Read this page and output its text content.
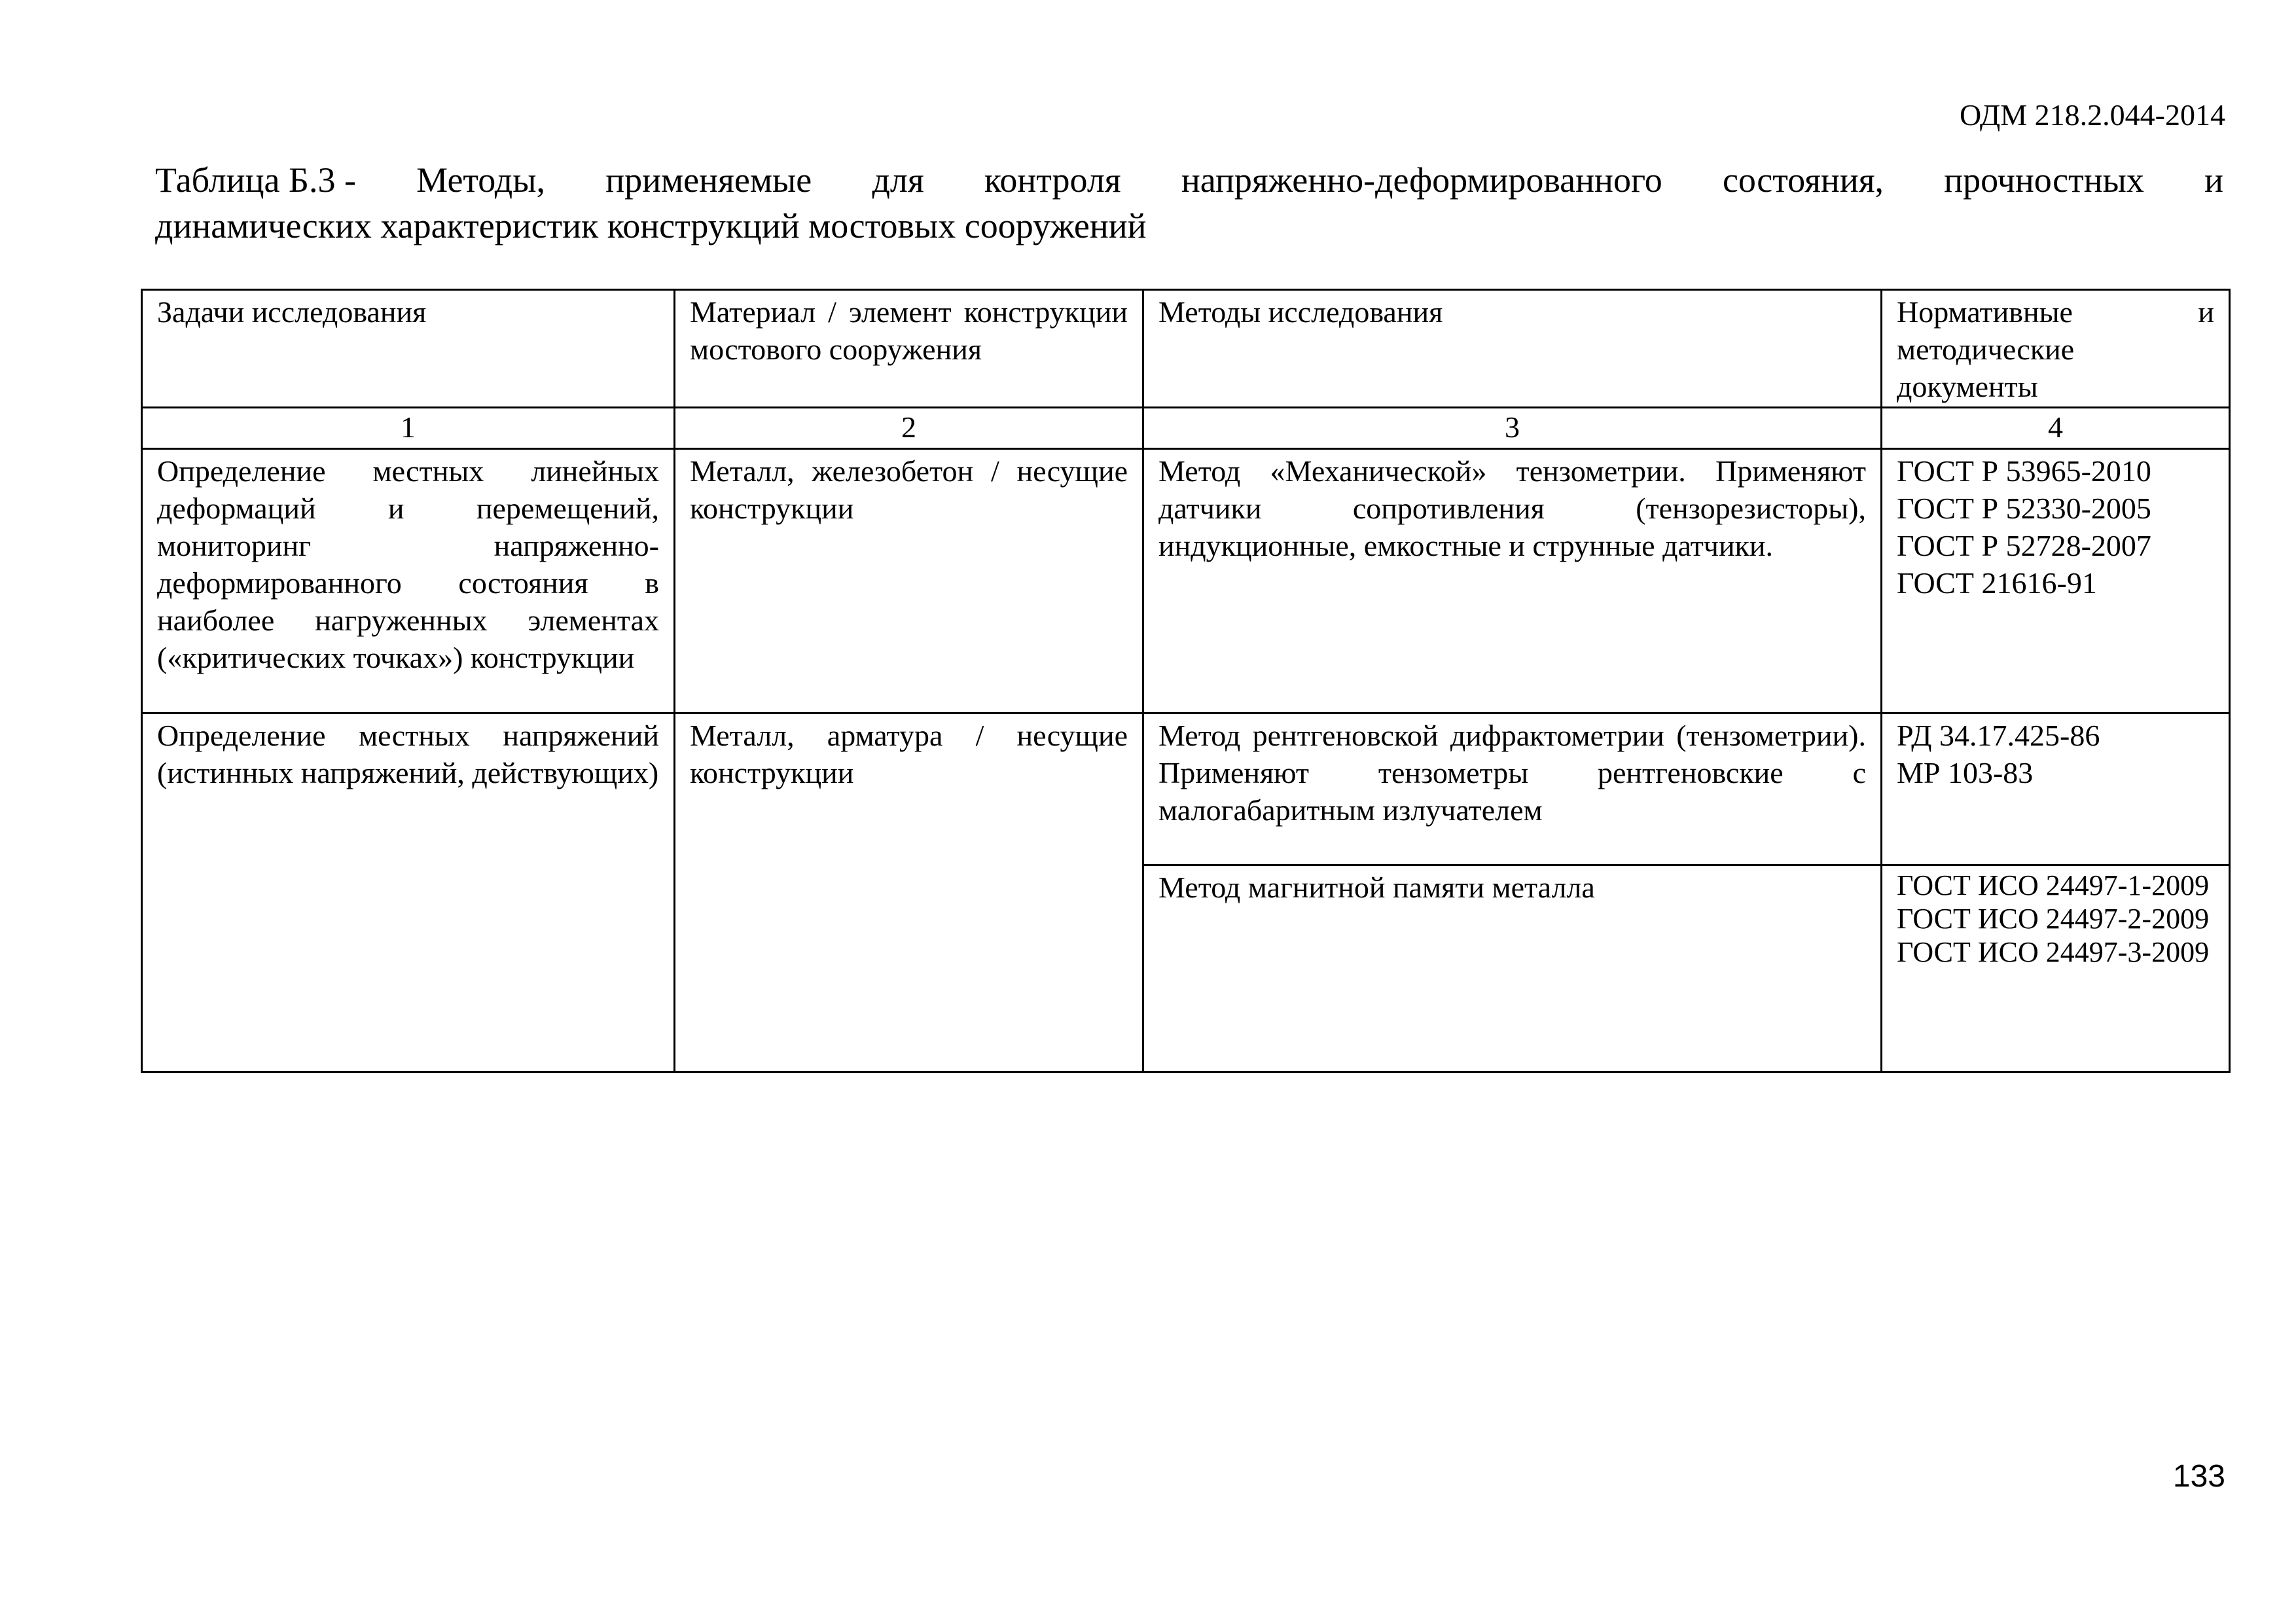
ОДМ 218.2.044-2014
Таблица Б.3 - Методы, применяемые для контроля напряженно-деформированного состояния, прочностных и
динамических характеристик конструкций мостовых сооружений
Задачи исследования	Материал / элемент конструкции мостового сооружения	Методы исследования	Нормативные и методические документы
1	2	3	4
Определение местных линейных деформаций и перемещений, мониторинг напряженно-деформированного состояния в наиболее нагруженных элементах («критических точках») конструкции	Металл, железобетон / несущие конструкции	Метод «Механической» тензометрии. Применяют датчики сопротивления (тензорезисторы), индукционные, емкостные и струнные датчики.	ГОСТ Р 53965-2010
ГОСТ Р 52330-2005
ГОСТ Р 52728-2007
ГОСТ 21616-91

Определение местных напряжений (истинных напряжений, действующих)	Металл, арматура / несущие конструкции	Метод рентгеновской дифрактометрии (тензометрии). Применяют тензометры рентгеновские с малогабаритным излучателем	РД 34.17.425-86
МР 103-83

		Метод магнитной памяти металла	ГОСТ ИСО 24497-1-2009
ГОСТ ИСО 24497-2-2009
ГОСТ ИСО 24497-3-2009
133
